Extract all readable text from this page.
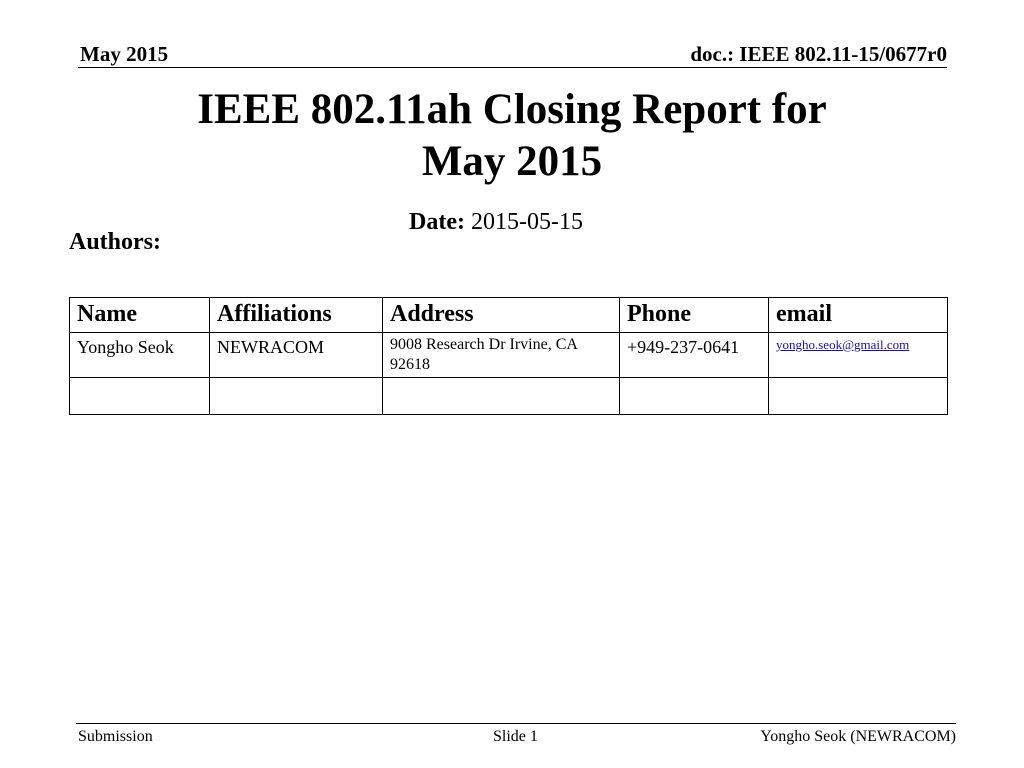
May 2015	doc.: IEEE 802.11-15/0677r0
IEEE 802.11ah Closing Report for
May 2015
Date: 2015-05-15
Authors:
Name	Affiliations	Address	Phone	email
Yongho Seok	NEWRACOM	9008 Research Dr Irvine, CA 92618	+949-237-0641	yongho.seok@gmail.com

Submission	Slide 1	Yongho Seok (NEWRACOM)
